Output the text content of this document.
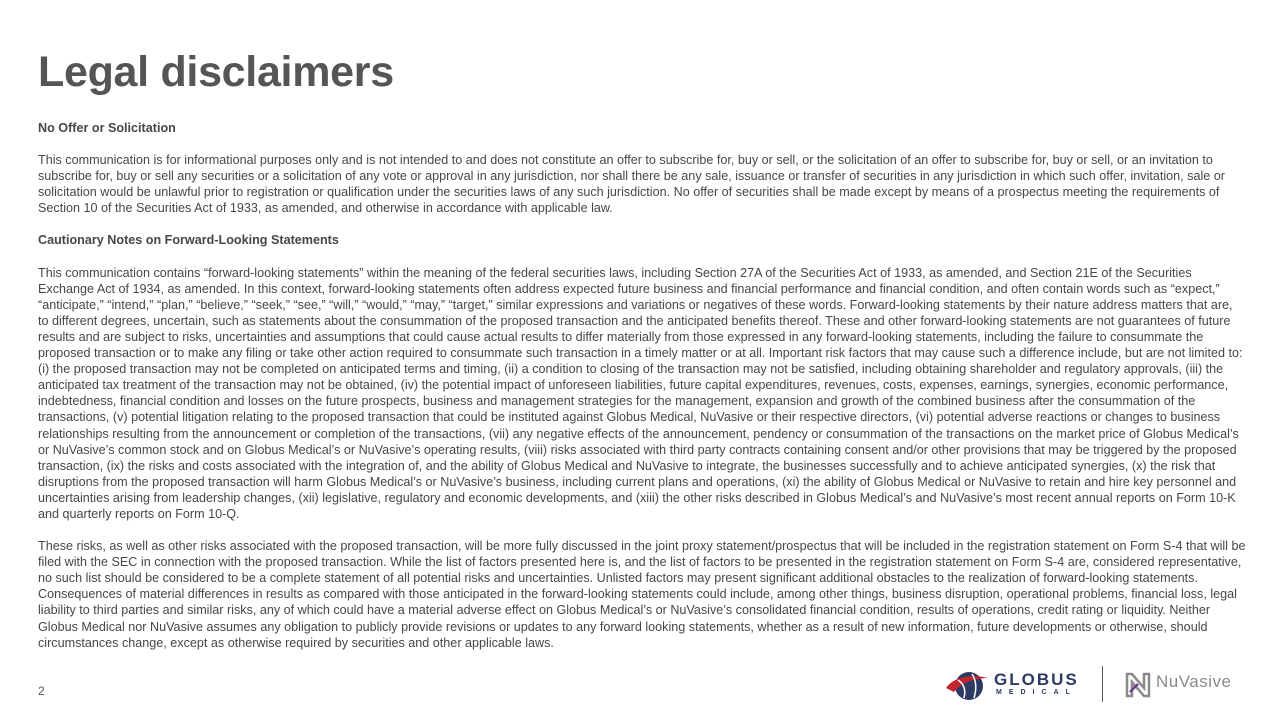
Legal disclaimers

No Offer or Solicitation

This communication is for informational purposes only and is not intended to and does not constitute an offer to subscribe for, buy or sell, or the solicitation of an offer to subscribe for, buy or sell, or an invitation to subscribe for, buy or sell any securities or a solicitation of any vote or approval in any jurisdiction, nor shall there be any sale, issuance or transfer of securities in any jurisdiction in which such offer, invitation, sale or solicitation would be unlawful prior to registration or qualification under the securities laws of any such jurisdiction. No offer of securities shall be made except by means of a prospectus meeting the requirements of Section 10 of the Securities Act of 1933, as amended, and otherwise in accordance with applicable law.

Cautionary Notes on Forward-Looking Statements

This communication contains “forward-looking statements” within the meaning of the federal securities laws, including Section 27A of the Securities Act of 1933, as amended, and Section 21E of the Securities Exchange Act of 1934, as amended. In this context, forward-looking statements often address expected future business and financial performance and financial condition, and often contain words such as “expect,” “anticipate,” “intend,” “plan,” “believe,” “seek,” “see,” “will,” “would,” “may,” “target,” similar expressions and variations or negatives of these words. Forward-looking statements by their nature address matters that are, to different degrees, uncertain, such as statements about the consummation of the proposed transaction and the anticipated benefits thereof. These and other forward-looking statements are not guarantees of future results and are subject to risks, uncertainties and assumptions that could cause actual results to differ materially from those expressed in any forward-looking statements, including the failure to consummate the proposed transaction or to make any filing or take other action required to consummate such transaction in a timely matter or at all. Important risk factors that may cause such a difference include, but are not limited to: (i) the proposed transaction may not be completed on anticipated terms and timing, (ii) a condition to closing of the transaction may not be satisfied, including obtaining shareholder and regulatory approvals, (iii) the anticipated tax treatment of the transaction may not be obtained, (iv) the potential impact of unforeseen liabilities, future capital expenditures, revenues, costs, expenses, earnings, synergies, economic performance, indebtedness, financial condition and losses on the future prospects, business and management strategies for the management, expansion and growth of the combined business after the consummation of the transactions, (v) potential litigation relating to the proposed transaction that could be instituted against Globus Medical, NuVasive or their respective directors, (vi) potential adverse reactions or changes to business relationships resulting from the announcement or completion of the transactions, (vii) any negative effects of the announcement, pendency or consummation of the transactions on the market price of Globus Medical’s or NuVasive’s common stock and on Globus Medical’s or NuVasive’s operating results, (viii) risks associated with third party contracts containing consent and/or other provisions that may be triggered by the proposed transaction, (ix) the risks and costs associated with the integration of, and the ability of Globus Medical and NuVasive to integrate, the businesses successfully and to achieve anticipated synergies, (x) the risk that disruptions from the proposed transaction will harm Globus Medical’s or NuVasive’s business, including current plans and operations, (xi) the ability of Globus Medical or NuVasive to retain and hire key personnel and uncertainties arising from leadership changes, (xii) legislative, regulatory and economic developments, and (xiii) the other risks described in Globus Medical’s and NuVasive’s most recent annual reports on Form 10-K and quarterly reports on Form 10-Q.

These risks, as well as other risks associated with the proposed transaction, will be more fully discussed in the joint proxy statement/prospectus that will be included in the registration statement on Form S-4 that will be filed with the SEC in connection with the proposed transaction. While the list of factors presented here is, and the list of factors to be presented in the registration statement on Form S-4 are, considered representative, no such list should be considered to be a complete statement of all potential risks and uncertainties. Unlisted factors may present significant additional obstacles to the realization of forward-looking statements. Consequences of material differences in results as compared with those anticipated in the forward-looking statements could include, among other things, business disruption, operational problems, financial loss, legal liability to third parties and similar risks, any of which could have a material adverse effect on Globus Medical’s or NuVasive’s consolidated financial condition, results of operations, credit rating or liquidity. Neither Globus Medical nor NuVasive assumes any obligation to publicly provide revisions or updates to any forward looking statements, whether as a result of new information, future developments or otherwise, should circumstances change, except as otherwise required by securities and other applicable laws.

2
GLOBUS
MEDICAL
NuVasive
